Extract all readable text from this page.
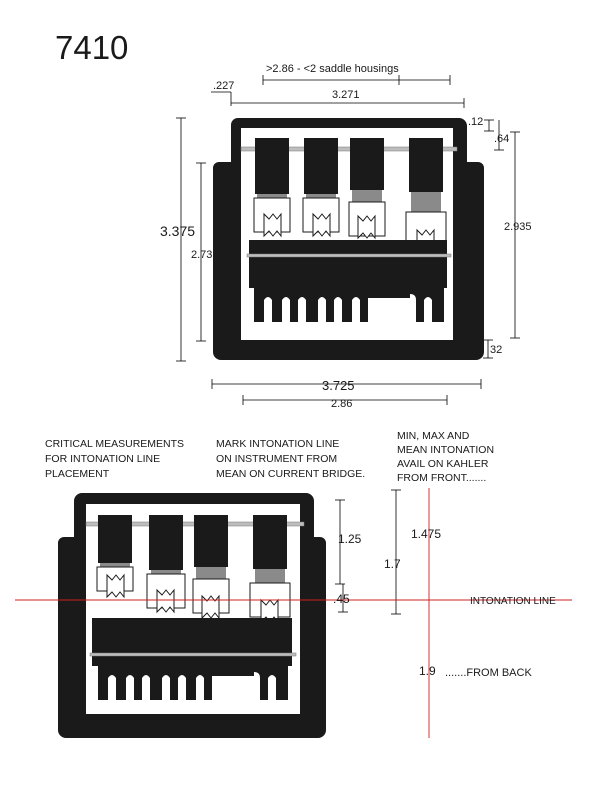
7410
>2.86 - <2 saddle housings
.227
3.271
.12
.64
3.375
2.73
2.935
32
3.725
2.86
CRITICAL MEASUREMENTS FOR INTONATION LINE PLACEMENT
MARK INTONATION LINE ON INSTRUMENT FROM MEAN ON CURRENT BRIDGE.
MIN, MAX AND MEAN INTONATION AVAIL ON KAHLER FROM FRONT.......
1.25
.45
1.7
1.475
INTONATION LINE
1.9 .......FROM BACK
